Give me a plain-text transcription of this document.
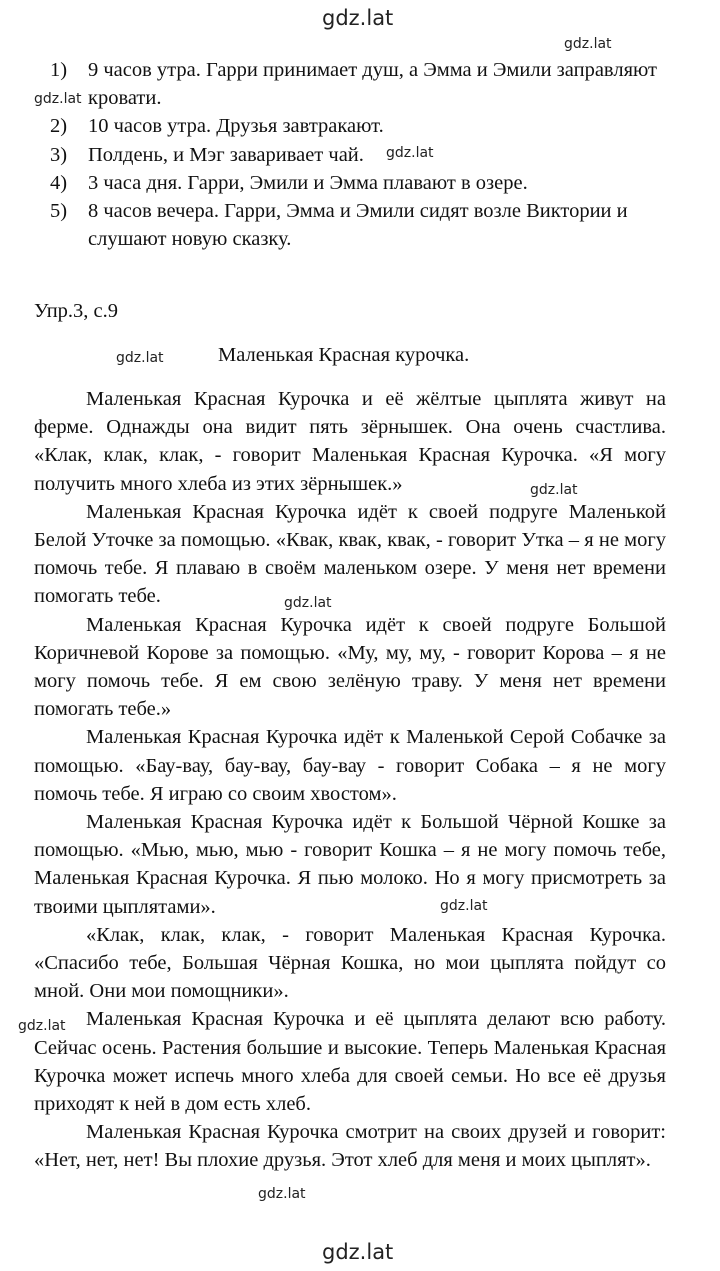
gdz.lat
1)	9 часов утра. Гарри принимает душ, а Эмма и Эмили заправляют кровати.
2)	10 часов утра. Друзья завтракают.
3)	Полдень, и Мэг заваривает чай.
4)	3 часа дня. Гарри, Эмили и Эмма плавают в озере.
5)	8 часов вечера. Гарри, Эмма и Эмили сидят возле Виктории и слушают новую сказку.
Упр.3, с.9
Маленькая Красная курочка.

Маленькая Красная Курочка и её жёлтые цыплята живут на ферме. Однажды она видит пять зёрнышек. Она очень счастлива. «Клак, клак, клак, - говорит Маленькая Красная Курочка. «Я могу получить много хлеба из этих зёрнышек.»

Маленькая Красная Курочка идёт к своей подруге Маленькой Белой Уточке за помощью. «Квак, квак, квак, - говорит Утка – я не могу помочь тебе. Я плаваю в своём маленьком озере. У меня нет времени помогать тебе.

Маленькая Красная Курочка идёт к своей подруге Большой Коричневой Корове за помощью. «Му, му, му, - говорит Корова – я не могу помочь тебе. Я ем свою зелёную траву. У меня нет времени помогать тебе.»

Маленькая Красная Курочка идёт к Маленькой Серой Собачке за помощью. «Бау-вау, бау-вау, бау-вау - говорит Собака – я не могу помочь тебе. Я играю со своим хвостом».

Маленькая Красная Курочка идёт к Большой Чёрной Кошке за помощью. «Мью, мью, мью - говорит Кошка – я не могу помочь тебе, Маленькая Красная Курочка. Я пью молоко. Но я могу присмотреть за твоими цыплятами».

«Клак, клак, клак, - говорит Маленькая Красная Курочка. «Спасибо тебе, Большая Чёрная Кошка, но мои цыплята пойдут со мной. Они мои помощники».

Маленькая Красная Курочка и её цыплята делают всю работу. Сейчас осень. Растения большие и высокие. Теперь Маленькая Красная Курочка может испечь много хлеба для своей семьи. Но все её друзья приходят к ней в дом есть хлеб.

Маленькая Красная Курочка смотрит на своих друзей и говорит: «Нет, нет, нет! Вы плохие друзья. Этот хлеб для меня и моих цыплят».

gdz.lat
gdz.lat
gdz.lat
gdz.lat
gdz.lat
gdz.lat
gdz.lat
gdz.lat
gdz.lat
gdz.lat
